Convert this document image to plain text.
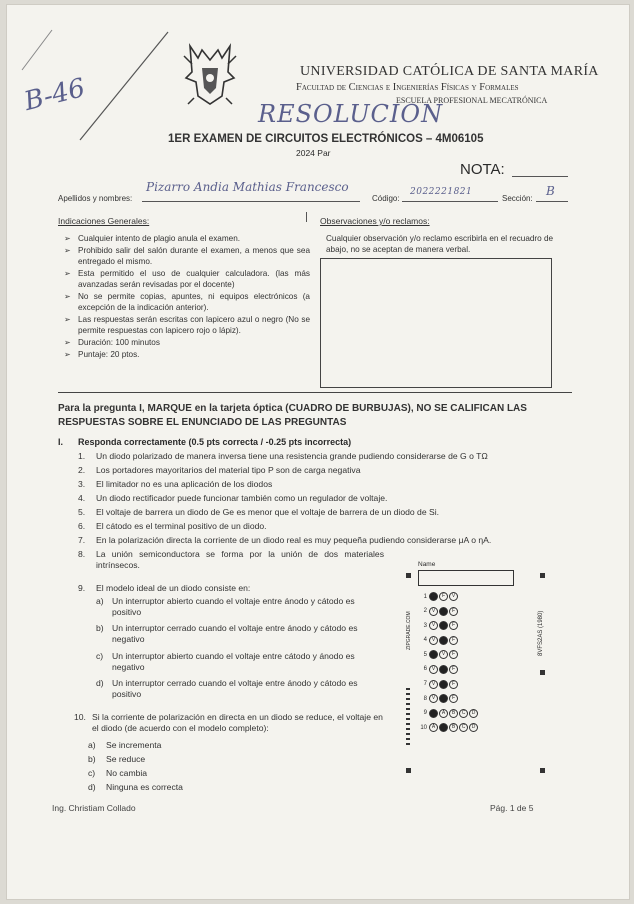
B-46
UNIVERSIDAD CATÓLICA DE SANTA MARÍA
Facultad de Ciencias e Ingenierías Físicas y Formales
ESCUELA PROFESIONAL MECATRÓNICA
RESOLUCION
1ER EXAMEN DE CIRCUITOS ELECTRÓNICOS – 4M06105
2024 Par
NOTA:
Apellidos y nombres:
Pizarro Andia Mathias Francesco
Código:
2022221821
Sección:
B
Indicaciones Generales:
➢ Cualquier intento de plagio anula el examen.
➢ Prohibido salir del salón durante el examen, a menos que sea entregado el mismo.
➢ Esta permitido el uso de cualquier calculadora. (las más avanzadas serán revisadas por el docente)
➢ No se permite copias, apuntes, ni equipos electrónicos (a excepción de la indicación anterior).
➢ Las respuestas serán escritas con lapicero azul o negro (No se permite respuestas con lapicero rojo o lápiz).
➢ Duración: 100 minutos
➢ Puntaje: 20 ptos.
Observaciones y/o reclamos:
Cualquier observación y/o reclamo escribirla en el recuadro de abajo, no se aceptan de manera verbal.
Para la pregunta I, MARQUE en la tarjeta óptica (CUADRO DE BURBUJAS), NO SE CALIFICAN LAS RESPUESTAS SOBRE EL ENUNCIADO DE LAS PREGUNTAS
I. Responda correctamente (0.5 pts correcta / -0.25 pts incorrecta)
1. Un diodo polarizado de manera inversa tiene una resistencia grande pudiendo considerarse de G o TΩ
2. Los portadores mayoritarios del material tipo P son de carga negativa
3. El limitador no es una aplicación de los diodos
4. Un diodo rectificador puede funcionar también como un regulador de voltaje.
5. El voltaje de barrera un diodo de Ge es menor que el voltaje de barrera de un diodo de Si.
6. El cátodo es el terminal positivo de un diodo.
7. En la polarización directa la corriente de un diodo real es muy pequeña pudiendo considerarse μA o ηA.
8. La unión semiconductora se forma por la unión de dos materiales intrínsecos.
9. El modelo ideal de un diodo consiste en:
a) Un interruptor abierto cuando el voltaje entre ánodo y cátodo es positivo
b) Un interruptor cerrado cuando el voltaje entre ánodo y cátodo es negativo
c) Un interruptor abierto cuando el voltaje entre cátodo y ánodo es negativo
d) Un interruptor cerrado cuando el voltaje entre ánodo y cátodo es positivo
10. Si la corriente de polarización en directa en un diodo se reduce, el voltaje en el diodo (de acuerdo con el modelo completo):
a) Se incrementa
b) Se reduce
c) No cambia
d) Ninguna es correcta
Name
ZIPGRADE.COM	8VFS2AS (1980)
1 A	F	V
2 V	F
3 V	F
4 V	F
5	V	F
6 V	F
7 V	F
8 V	F
9	A	B	C	D
10 A	B	C	D
Ing. Christiam Collado	Pág. 1 de 5
